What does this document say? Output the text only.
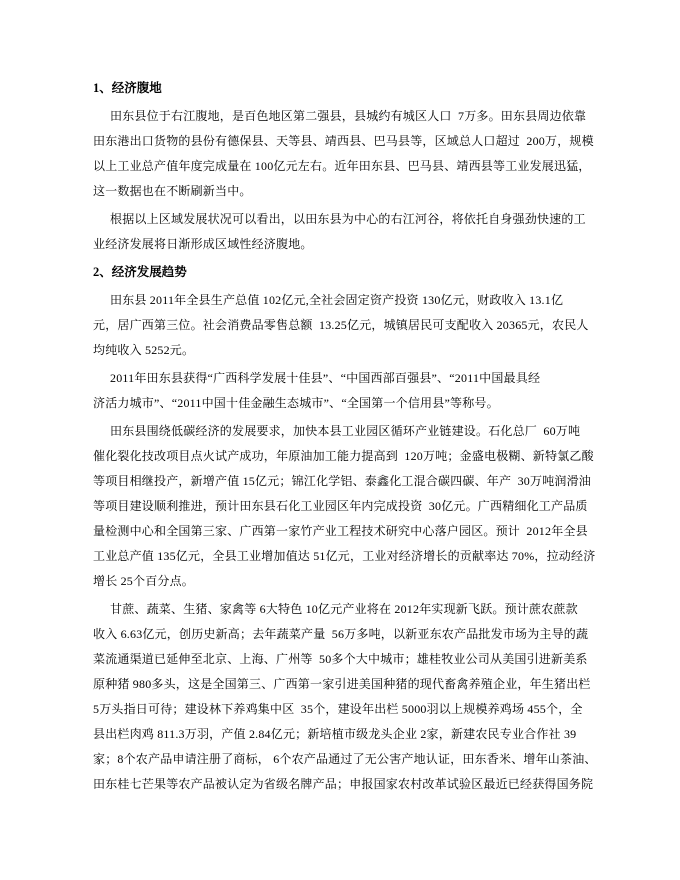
1、经济腹地
田东县位于右江腹地，是百色地区第二强县，县城约有城区人口  7万多。田东县周边依靠
田东港出口货物的县份有德保县、天等县、靖西县、巴马县等，区域总人口超过  200万，规模
以上工业总产值年度完成量在 100亿元左右。近年田东县、巴马县、靖西县等工业发展迅猛，
这一数据也在不断刷新当中。
根据以上区域发展状况可以看出，以田东县为中心的右江河谷，将依托自身强劲快速的工
业经济发展将日渐形成区域性经济腹地。
2、经济发展趋势
田东县 2011年全县生产总值 102亿元,全社会固定资产投资 130亿元，财政收入 13.1亿
元，居广西第三位。社会消费品零售总额  13.25亿元，城镇居民可支配收入 20365元，农民人
均纯收入 5252元。
2011年田东县获得“广西科学发展十佳县”、“中国西部百强县”、“2011中国最具经
济活力城市”、“2011中国十佳金融生态城市”、“全国第一个信用县”等称号。
田东县围绕低碳经济的发展要求，加快本县工业园区循环产业链建设。石化总厂  60万吨
催化裂化技改项目点火试产成功，年原油加工能力提高到  120万吨；金盛电极糊、新特氯乙酸
等项目相继投产，新增产值 15亿元；锦江化学铝、泰鑫化工混合碳四碳、年产  30万吨润滑油
等项目建设顺利推进，预计田东县石化工业园区年内完成投资  30亿元。广西精细化工产品质
量检测中心和全国第三家、广西第一家竹产业工程技术研究中心落户园区。预计  2012年全县
工业总产值 135亿元，全县工业增加值达 51亿元，工业对经济增长的贡献率达 70%，拉动经济
增长 25个百分点。
甘蔗、蔬菜、生猪、家禽等 6大特色 10亿元产业将在 2012年实现新飞跃。预计蔗农蔗款
收入 6.63亿元，创历史新高；去年蔬菜产量  56万多吨，以新亚东农产品批发市场为主导的蔬
菜流通渠道已延伸至北京、上海、广州等  50多个大中城市；雄桂牧业公司从美国引进新美系
原种猪 980多头，这是全国第三、广西第一家引进美国种猪的现代畜禽养殖企业，年生猪出栏
5万头指日可待；建设林下养鸡集中区  35个，建设年出栏 5000羽以上规模养鸡场 455个，全
县出栏肉鸡 811.3万羽，产值 2.84亿元；新培植市级龙头企业 2家，新建农民专业合作社 39
家；8个农产品申请注册了商标， 6个农产品通过了无公害产地认证，田东香米、增年山茶油、
田东桂七芒果等农产品被认定为省级名牌产品；申报国家农村改革试验区最近已经获得国务院
